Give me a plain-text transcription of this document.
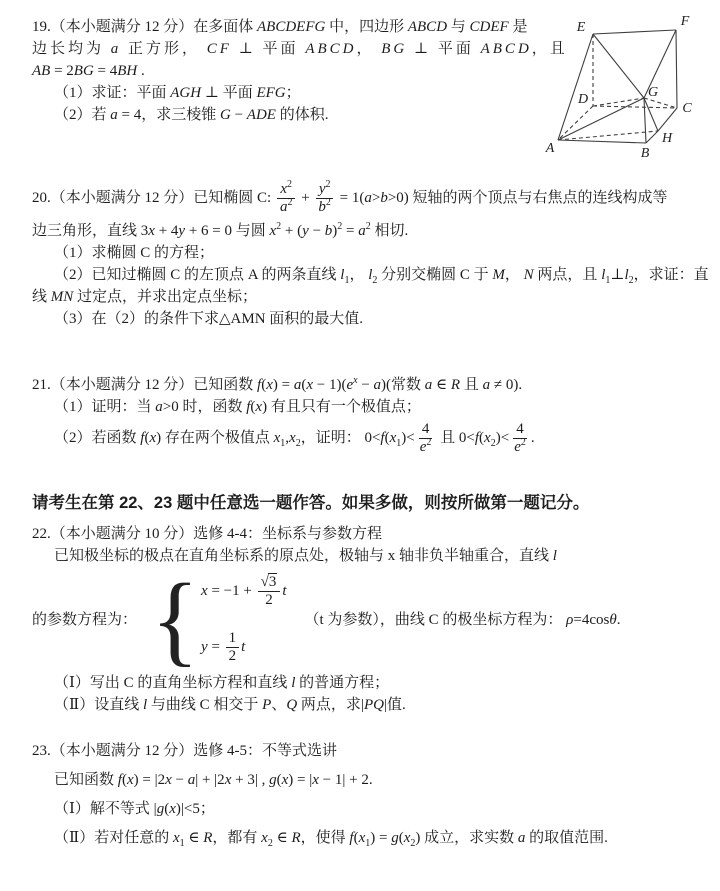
19.（本小题满分 12 分）在多面体 ABCDEFG 中，四边形 ABCD 与 CDEF 是
边长均为 a 正方形， CF ⊥ 平面 ABCD， BG ⊥ 平面 ABCD，且
AB = 2BG = 4BH .
（1）求证：平面 AGH ⊥ 平面 EFG；
（2）若 a = 4，求三棱锥 G − ADE 的体积.
20.（本小题满分 12 分）已知椭圆 C: $\frac{x^2}{a^2} + \frac{y^2}{b^2} = 1(a>b>0)$ 短轴的两个顶点与右焦点的连线构成等
边三角形，直线 3x + 4y + 6 = 0 与圆 $x^2 + (y - b)^2 = a^2$ 相切.
（1）求椭圆 C 的方程；
（2）已知过椭圆 C 的左顶点 A 的两条直线 $l_1$， $l_2$ 分别交椭圆 C 于 M， N 两点，且 $l_1\perp l_2$，求证：直
线 MN 过定点，并求出定点坐标；
（3）在（2）的条件下求△AMN 面积的最大值.
21.（本小题满分 12 分）已知函数 $f(x) = a(x - 1)(e^x - a)$(常数 a ∈ R 且 a ≠ 0).
（1）证明：当 a>0 时，函数 f(x) 有且只有一个极值点；
（2）若函数 f(x) 存在两个极值点 $x_1,x_2$，证明： $0<f(x_1)< \frac{4}{e^2}$ 且 $0<f(x_2)< \frac{4}{e^2}$ .
请考生在第 22、23 题中任意选一题作答。如果多做，则按所做第一题记分。
22.（本小题满分 10 分）选修 4-4：坐标系与参数方程
已知极坐标的极点在直角坐标系的原点处，极轴与 x 轴非负半轴重合，直线 l
的参数方程为： { $x = -1 + \frac{√3}{2}$ t
$y = \frac{1}{2}$ t
（t 为参数），曲线 C 的极坐标方程为： ρ=4cosθ.
（Ⅰ）写出 C 的直角坐标方程和直线 l 的普通方程；
（Ⅱ）设直线 l 与曲线 C 相交于 P、Q 两点，求|PQ|值.
23.（本小题满分 12 分）选修 4-5：不等式选讲
已知函数 f(x) = |2x − a| + |2x + 3| , g(x) = |x − 1| + 2.
（Ⅰ）解不等式 |g(x)|<5；
（Ⅱ）若对任意的 $x_1$ ∈ R，都有 $x_2$ ∈ R，使得 $f(x_1) = g(x_2)$ 成立，求实数 a 的取值范围.
E	F
D	G
C
A	B
H
